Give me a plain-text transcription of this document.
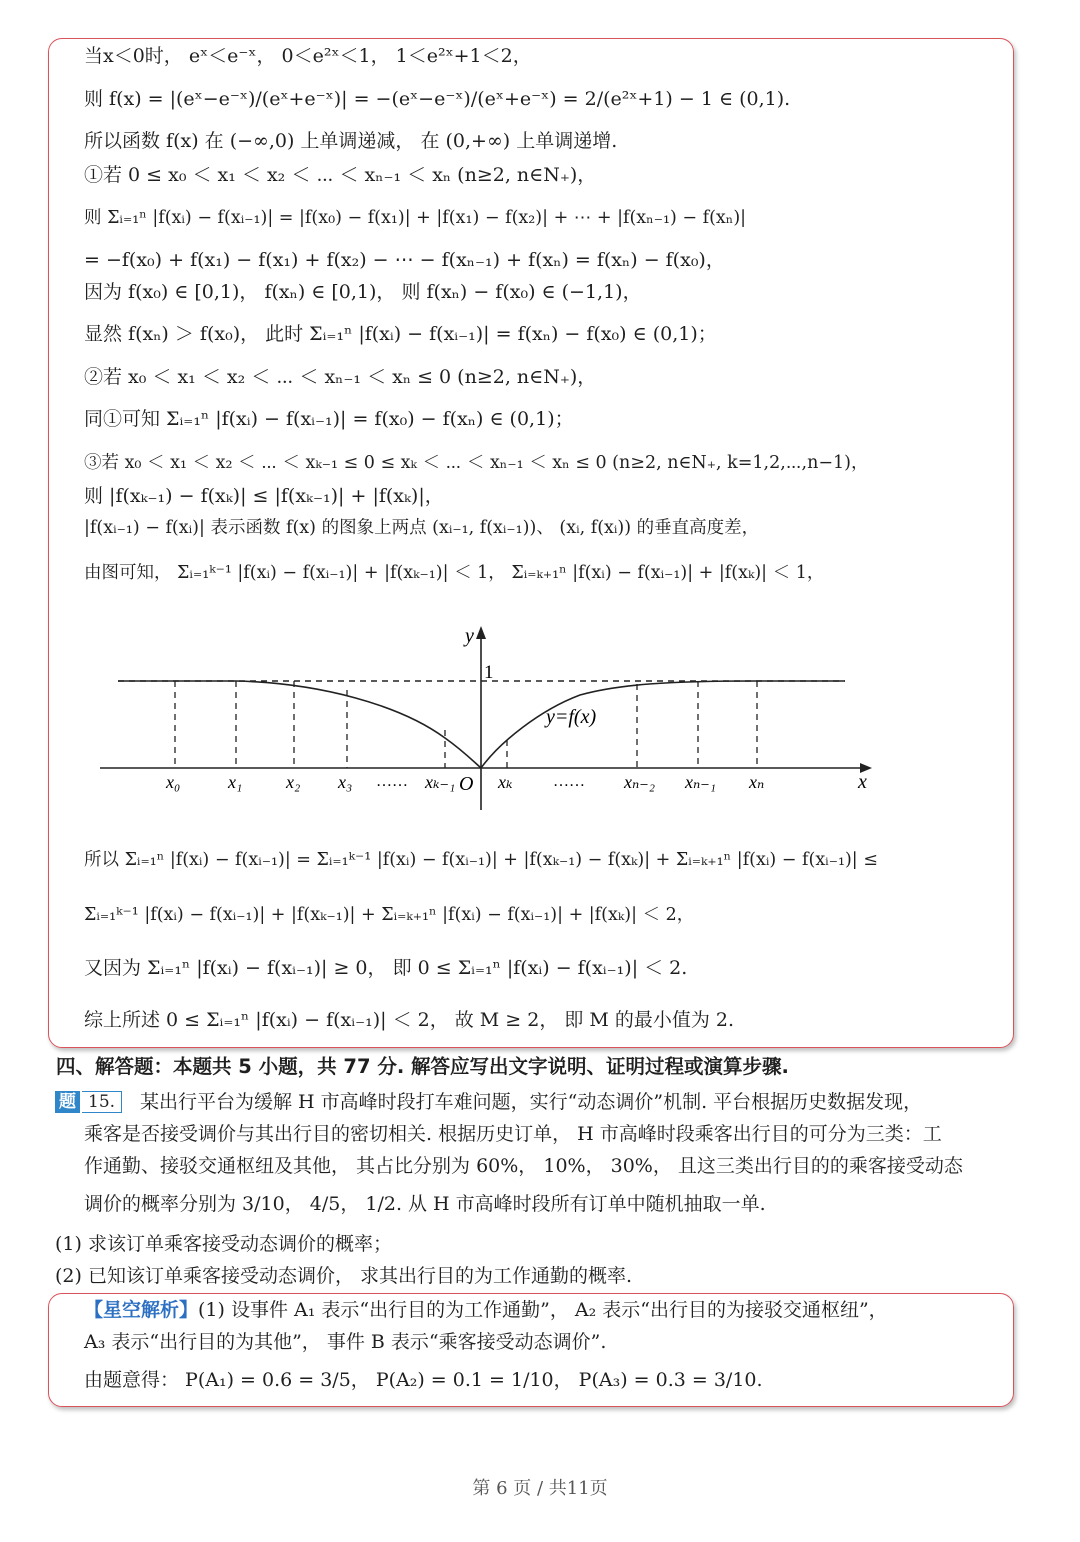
当x＜0时， eˣ＜e⁻ˣ， 0＜e²ˣ＜1， 1＜e²ˣ+1＜2，
则 f(x) = |(eˣ−e⁻ˣ)/(eˣ+e⁻ˣ)| = −(eˣ−e⁻ˣ)/(eˣ+e⁻ˣ) = 2/(e²ˣ+1) − 1 ∈ (0,1).
所以函数 f(x) 在 (−∞,0) 上单调递减， 在 (0,+∞) 上单调递增.
①若 0 ≤ x₀ ＜ x₁ ＜ x₂ ＜ ⋯ ＜ xₙ₋₁ ＜ xₙ (n≥2, n∈N₊)，
则 Σᵢ₌₁ⁿ |f(xᵢ) − f(xᵢ₋₁)| = |f(x₀) − f(x₁)| + |f(x₁) − f(x₂)| + ⋯ + |f(xₙ₋₁) − f(xₙ)|
= −f(x₀) + f(x₁) − f(x₁) + f(x₂) − ⋯ − f(xₙ₋₁) + f(xₙ) = f(xₙ) − f(x₀)，
因为 f(x₀) ∈ [0,1)， f(xₙ) ∈ [0,1)， 则 f(xₙ) − f(x₀) ∈ (−1,1)，
显然 f(xₙ) ＞ f(x₀)， 此时 Σᵢ₌₁ⁿ |f(xᵢ) − f(xᵢ₋₁)| = f(xₙ) − f(x₀) ∈ (0,1)；
②若 x₀ ＜ x₁ ＜ x₂ ＜ ⋯ ＜ xₙ₋₁ ＜ xₙ ≤ 0 (n≥2, n∈N₊)，
同①可知 Σᵢ₌₁ⁿ |f(xᵢ) − f(xᵢ₋₁)| = f(x₀) − f(xₙ) ∈ (0,1)；
③若 x₀ ＜ x₁ ＜ x₂ ＜ ⋯ ＜ xₖ₋₁ ≤ 0 ≤ xₖ ＜ ⋯ ＜ xₙ₋₁ ＜ xₙ ≤ 0 (n≥2, n∈N₊, k=1,2,⋯,n−1)，
则 |f(xₖ₋₁) − f(xₖ)| ≤ |f(xₖ₋₁)| + |f(xₖ)|，
|f(xᵢ₋₁) − f(xᵢ)| 表示函数 f(x) 的图象上两点 (xᵢ₋₁, f(xᵢ₋₁))、 (xᵢ, f(xᵢ)) 的垂直高度差，
由图可知， Σᵢ₌₁ᵏ⁻¹ |f(xᵢ) − f(xᵢ₋₁)| + |f(xₖ₋₁)| ＜ 1， Σᵢ₌ₖ₊₁ⁿ |f(xᵢ) − f(xᵢ₋₁)| + |f(xₖ)| ＜ 1，
y
1
y=f(x)
O	x
x₀	x₁ x₂ x₃ …… xₖ₋₁ xₖ	…… xₙ₋₂ xₙ₋₁ xₙ
所以 Σᵢ₌₁ⁿ |f(xᵢ) − f(xᵢ₋₁)| = Σᵢ₌₁ᵏ⁻¹ |f(xᵢ) − f(xᵢ₋₁)| + |f(xₖ₋₁) − f(xₖ)| + Σᵢ₌ₖ₊₁ⁿ |f(xᵢ) − f(xᵢ₋₁)| ≤
Σᵢ₌₁ᵏ⁻¹ |f(xᵢ) − f(xᵢ₋₁)| + |f(xₖ₋₁)| + Σᵢ₌ₖ₊₁ⁿ |f(xᵢ) − f(xᵢ₋₁)| + |f(xₖ)| ＜ 2，
又因为 Σᵢ₌₁ⁿ |f(xᵢ) − f(xᵢ₋₁)| ≥ 0， 即 0 ≤ Σᵢ₌₁ⁿ |f(xᵢ) − f(xᵢ₋₁)| ＜ 2.
综上所述 0 ≤ Σᵢ₌₁ⁿ |f(xᵢ) − f(xᵢ₋₁)| ＜ 2， 故 M ≥ 2， 即 M 的最小值为 2.
四、解答题：本题共 5 小题，共 77 分. 解答应写出文字说明、证明过程或演算步骤.
题 15.	某出行平台为缓解 H 市高峰时段打车难问题，实行“动态调价”机制. 平台根据历史数据发现，
乘客是否接受调价与其出行目的密切相关. 根据历史订单， H 市高峰时段乘客出行目的可分为三类：工
作通勤、接驳交通枢纽及其他， 其占比分别为 60%， 10%， 30%， 且这三类出行目的的乘客接受动态
调价的概率分别为 3/10， 4/5， 1/2. 从 H 市高峰时段所有订单中随机抽取一单.
(1) 求该订单乘客接受动态调价的概率；
(2) 已知该订单乘客接受动态调价， 求其出行目的为工作通勤的概率.
【星空解析】(1) 设事件 A₁ 表示“出行目的为工作通勤”， A₂ 表示“出行目的为接驳交通枢纽”，
A₃ 表示“出行目的为其他”， 事件 B 表示“乘客接受动态调价”.
由题意得： P(A₁) = 0.6 = 3/5， P(A₂) = 0.1 = 1/10， P(A₃) = 0.3 = 3/10.
第 6 页 / 共11页
